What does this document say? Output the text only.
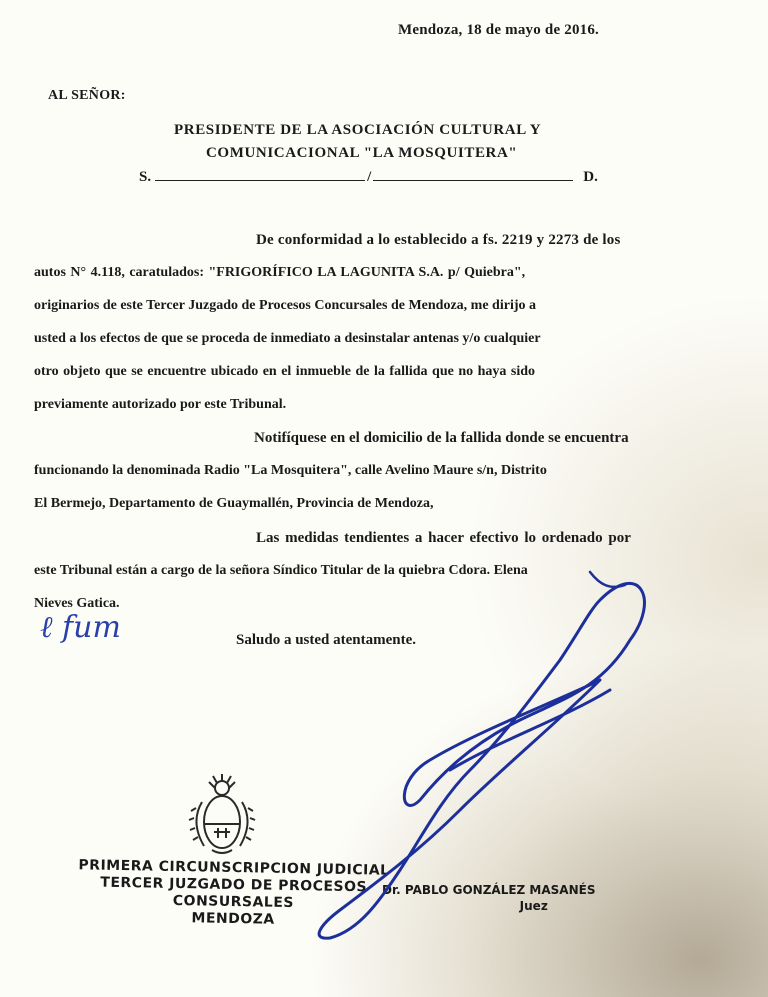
Mendoza, 18 de mayo de 2016.
AL SEÑOR:
PRESIDENTE DE LA ASOCIACIÓN CULTURAL Y
COMUNICACIONAL "LA MOSQUITERA"
S.	/	D.
De conformidad a lo establecido a fs. 2219 y 2273 de los
autos N° 4.118, caratulados: "FRIGORÍFICO LA LAGUNITA S.A. p/ Quiebra",
originarios de este Tercer Juzgado de Procesos Concursales de Mendoza, me dirijo a
usted a los efectos de que se proceda de inmediato a desinstalar antenas y/o cualquier
otro objeto que se encuentre ubicado en el inmueble de la fallida que no haya sido
previamente autorizado por este Tribunal.
Notifíquese en el domicilio de la fallida donde se encuentra
funcionando la denominada Radio "La Mosquitera", calle Avelino Maure s/n, Distrito
El Bermejo, Departamento de Guaymallén, Provincia de Mendoza,
Las medidas tendientes a hacer efectivo lo ordenado por
este Tribunal están a cargo de la señora Síndico Titular de la quiebra Cdora. Elena
Nieves Gatica.
Saludo a usted atentamente.
ℓ fum
PRIMERA CIRCUNSCRIPCION JUDICIAL
TERCER JUZGADO DE PROCESOS
CONSURSALES
MENDOZA
Dr. PABLO GONZÁLEZ MASANÉS
Juez
